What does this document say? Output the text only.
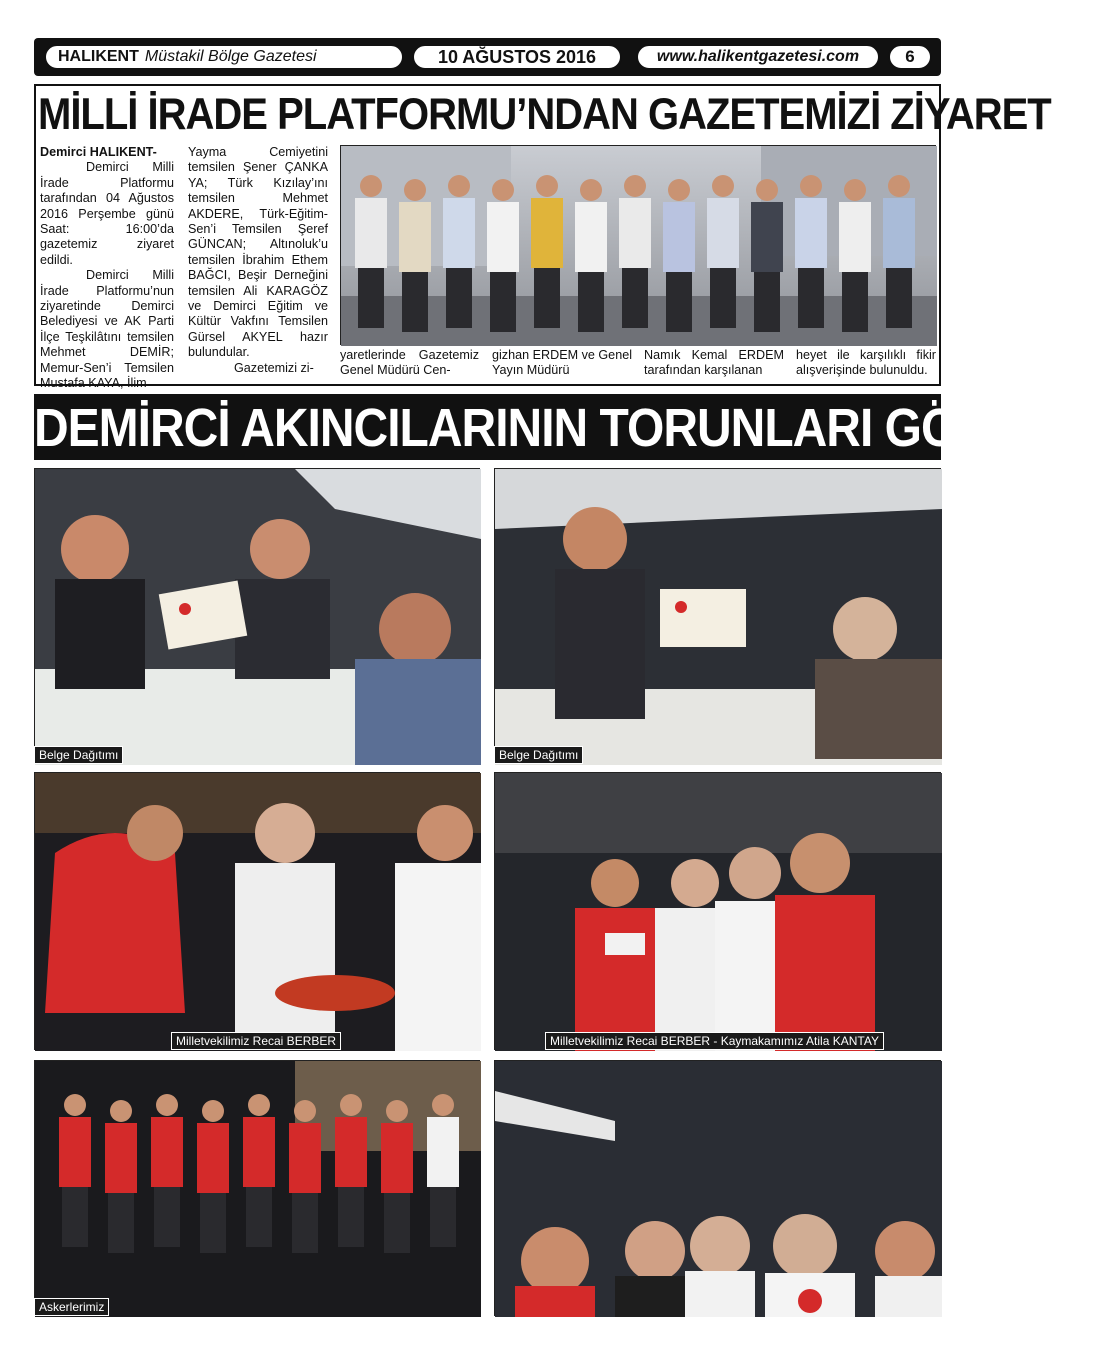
HALIKENT Müstakil Bölge Gazetesi	10 AĞUSTOS 2016	www.halikentgazetesi.com	6
MİLLİ İRADE PLATFORMU’NDAN GAZETEMİZİ ZİYARET

Demirci HALIKENT-

Demirci Milli İrade Platformu tarafından 04 Ağustos 2016 Perşembe günü Saat: 16:00’da gazetemiz ziyaret edildi.

Demirci Milli İrade Platformu’nun ziyaretinde Demirci Belediyesi ve AK Parti İlçe Teşkilâtını temsilen Mehmet DEMİR; Memur-Sen’i Temsilen Mustafa KAYA, İlim

Yayma Cemiyetini temsilen Şener ÇANKA YA; Türk Kızılay’ını temsilen Mehmet AKDERE, Türk-Eğitim-Sen’i Temsilen Şeref GÜNCAN; Altınoluk’u temsilen İbrahim Ethem BAĞCI, Beşir Derneğini temsilen Ali KARAGÖZ ve Demirci Eğitim ve Kültür Vakfını Temsilen Gürsel AKYEL hazır bulundular.

Gazetemizi zi-

yaretlerinde Gazetemiz Genel Müdürü Cen-
gizhan ERDEM ve Genel Yayın Müdürü
Namık Kemal ERDEM tarafından karşılanan
heyet ile karşılıklı fikir alışverişinde bulunuldu.
DEMİRCİ AKINCILARININ TORUNLARI GÖREVDE
Belge Dağıtımı	Belge Dağıtımı
Milletvekilimiz Recai BERBER	Milletvekilimiz Recai BERBER - Kaymakamımız Atila KANTAY
Askerlerimiz
